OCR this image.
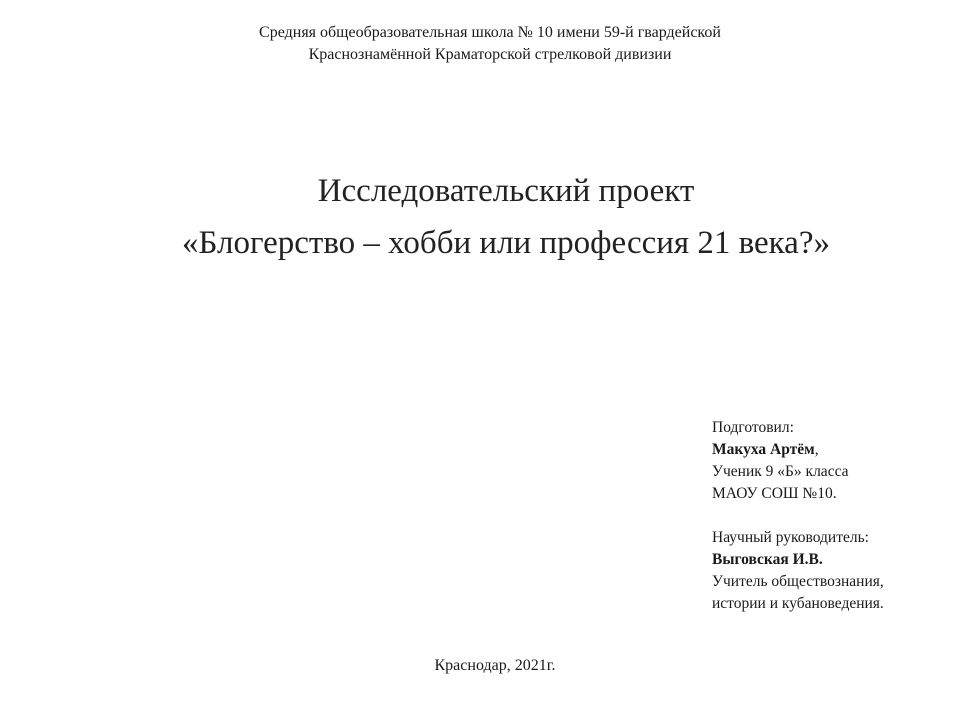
Средняя общеобразовательная школа № 10 имени 59-й гвардейской
Краснознамённой Краматорской стрелковой дивизии
Исследовательский проект
«Блогерство – хобби или профессия 21 века?»
Подготовил:
Макуха Артём,
Ученик 9 «Б» класса
МАОУ СОШ №10.
Научный руководитель:
Выговская И.В.
Учитель обществознания,
истории и кубановедения.
Краснодар, 2021г.
